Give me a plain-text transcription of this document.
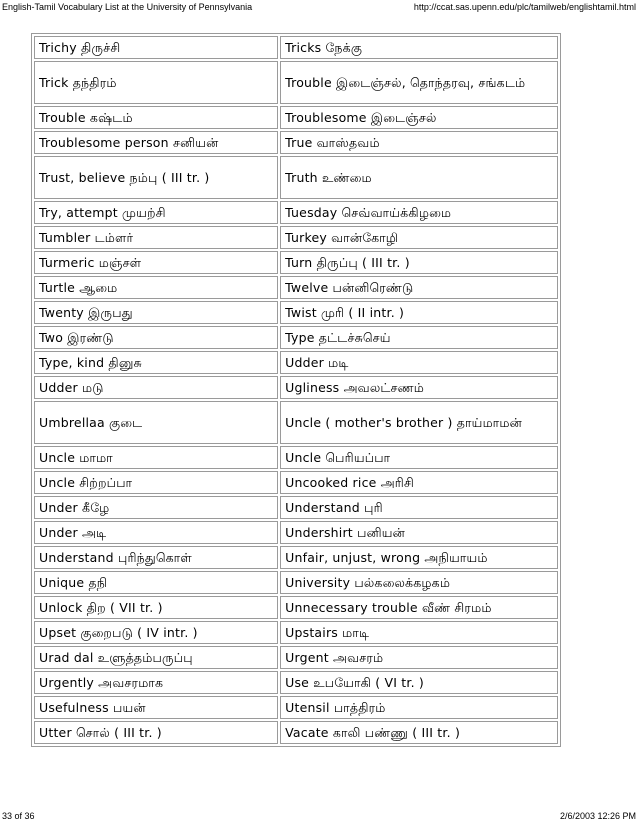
English-Tamil Vocabulary List at the University of Pennsylvania	http://ccat.sas.upenn.edu/plc/tamilweb/englishtamil.html
Trichy திருச்சி	Tricks நேக்கு
Trick தந்திரம்	Trouble இடைஞ்சல், தொந்தரவு, சங்கடம்
Trouble கஷ்டம்	Troublesome இடைஞ்சல்
Troublesome person சனியன்	True வாஸ்தவம்
Trust, believe நம்பு ( III tr. )	Truth உண்மை
Try, attempt முயற்சி	Tuesday செவ்வாய்க்கிழமை
Tumbler டம்ளர்	Turkey வான்கோழி
Turmeric மஞ்சள்	Turn திருப்பு ( III tr. )
Turtle ஆமை	Twelve பன்னிரெண்டு
Twenty இருபது	Twist முரி ( II intr. )
Two இரண்டு	Type தட்டச்சுசெய்
Type, kind தினுசு	Udder மடி
Udder மடு	Ugliness அவலட்சணம்
Umbrellaa குடை	Uncle ( mother's brother ) தாய்மாமன்
Uncle மாமா	Uncle பெரியப்பா
Uncle சிற்றப்பா	Uncooked rice அரிசி
Under கீழே	Understand புரி
Under அடி	Undershirt பனியன்
Understand புரிந்துகொள்	Unfair, unjust, wrong அநியாயம்
Unique தநி	University பல்கலைக்கழகம்
Unlock திற ( VII tr. )	Unnecessary trouble வீண் சிரமம்
Upset குறைபடு ( IV intr. )	Upstairs மாடி
Urad dal உளுத்தம்பருப்பு	Urgent அவசரம்
Urgently அவசரமாக	Use உபயோகி ( VI tr. )
Usefulness பயன்	Utensil பாத்திரம்
Utter சொல் ( III tr. )	Vacate காலி பண்ணு ( III tr. )
33 of 36	2/6/2003 12:26 PM
